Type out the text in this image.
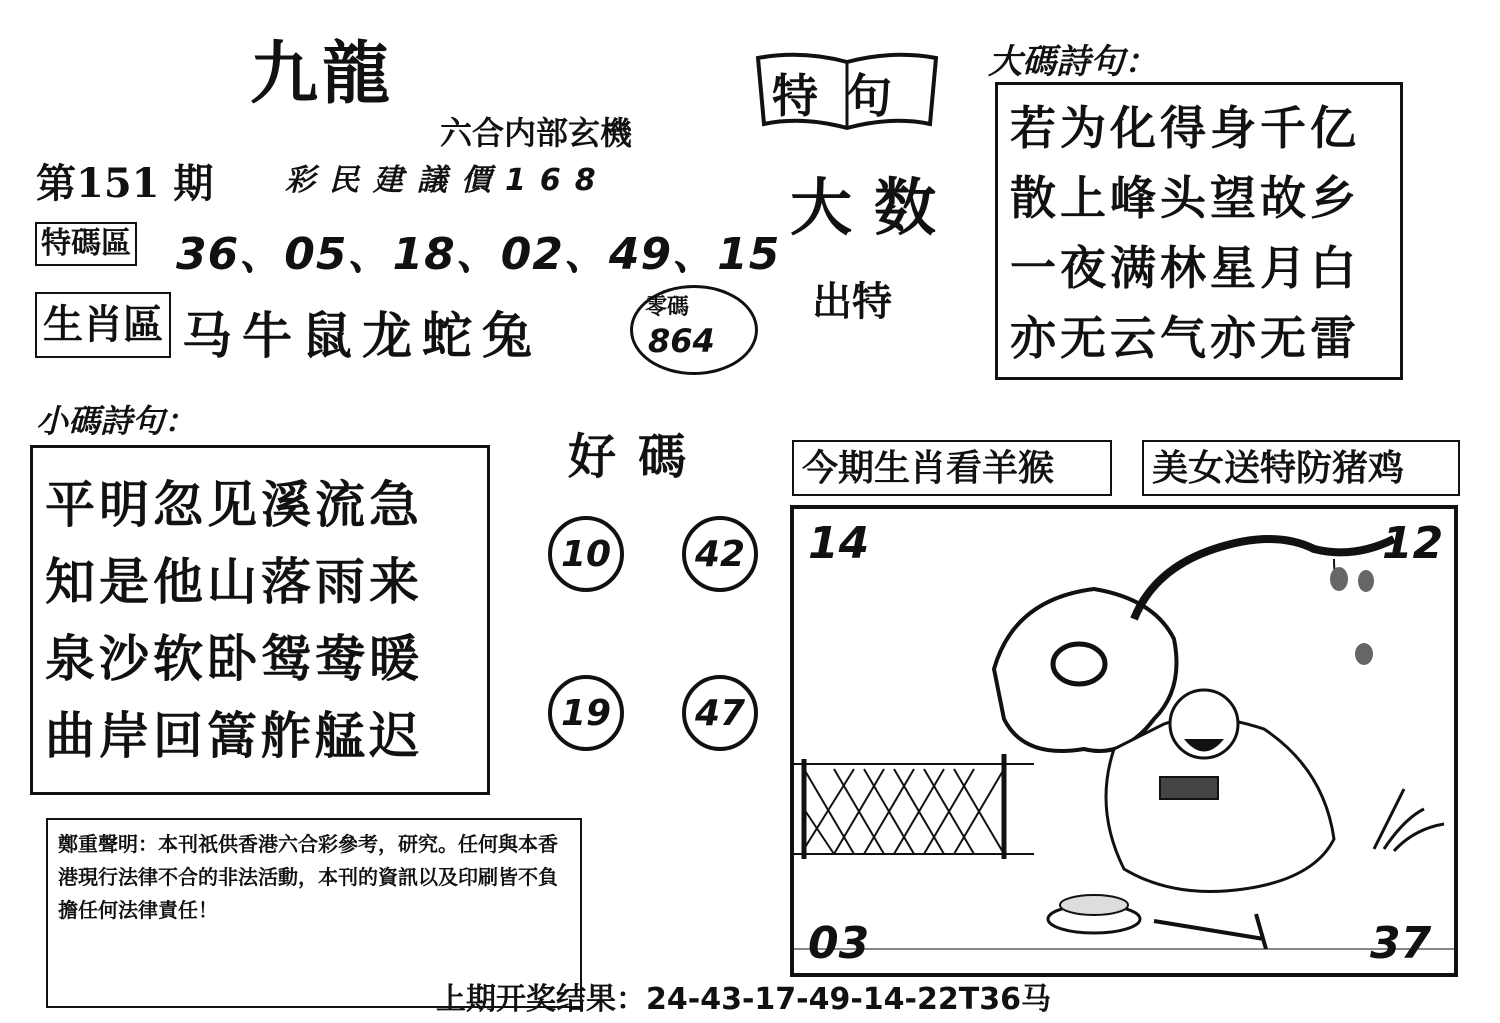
九龍
六合内部玄機
第151 期 彩民建議價168
特碼區 36、05、18、02、49、15
生肖區 马牛鼠龙蛇兔	零碼
864
特句
大数
出特
大碼詩句：
若为化得身千亿
散上峰头望故乡
一夜满林星月白
亦无云气亦无雷
小碼詩句：
平明忽见溪流急
知是他山落雨来
泉沙软卧鸳鸯暖
曲岸回篙舴艋迟
好碼
10	42
19	47
今期生肖看羊猴	美女送特防猪鸡
14	12
03	37
鄭重聲明：本刊祇供香港六合彩參考，研究。任何與本香港現行法律不合的非法活動，本刊的資訊以及印刷皆不負擔任何法律責任！
上期开奖结果：24-43-17-49-14-22T36马
